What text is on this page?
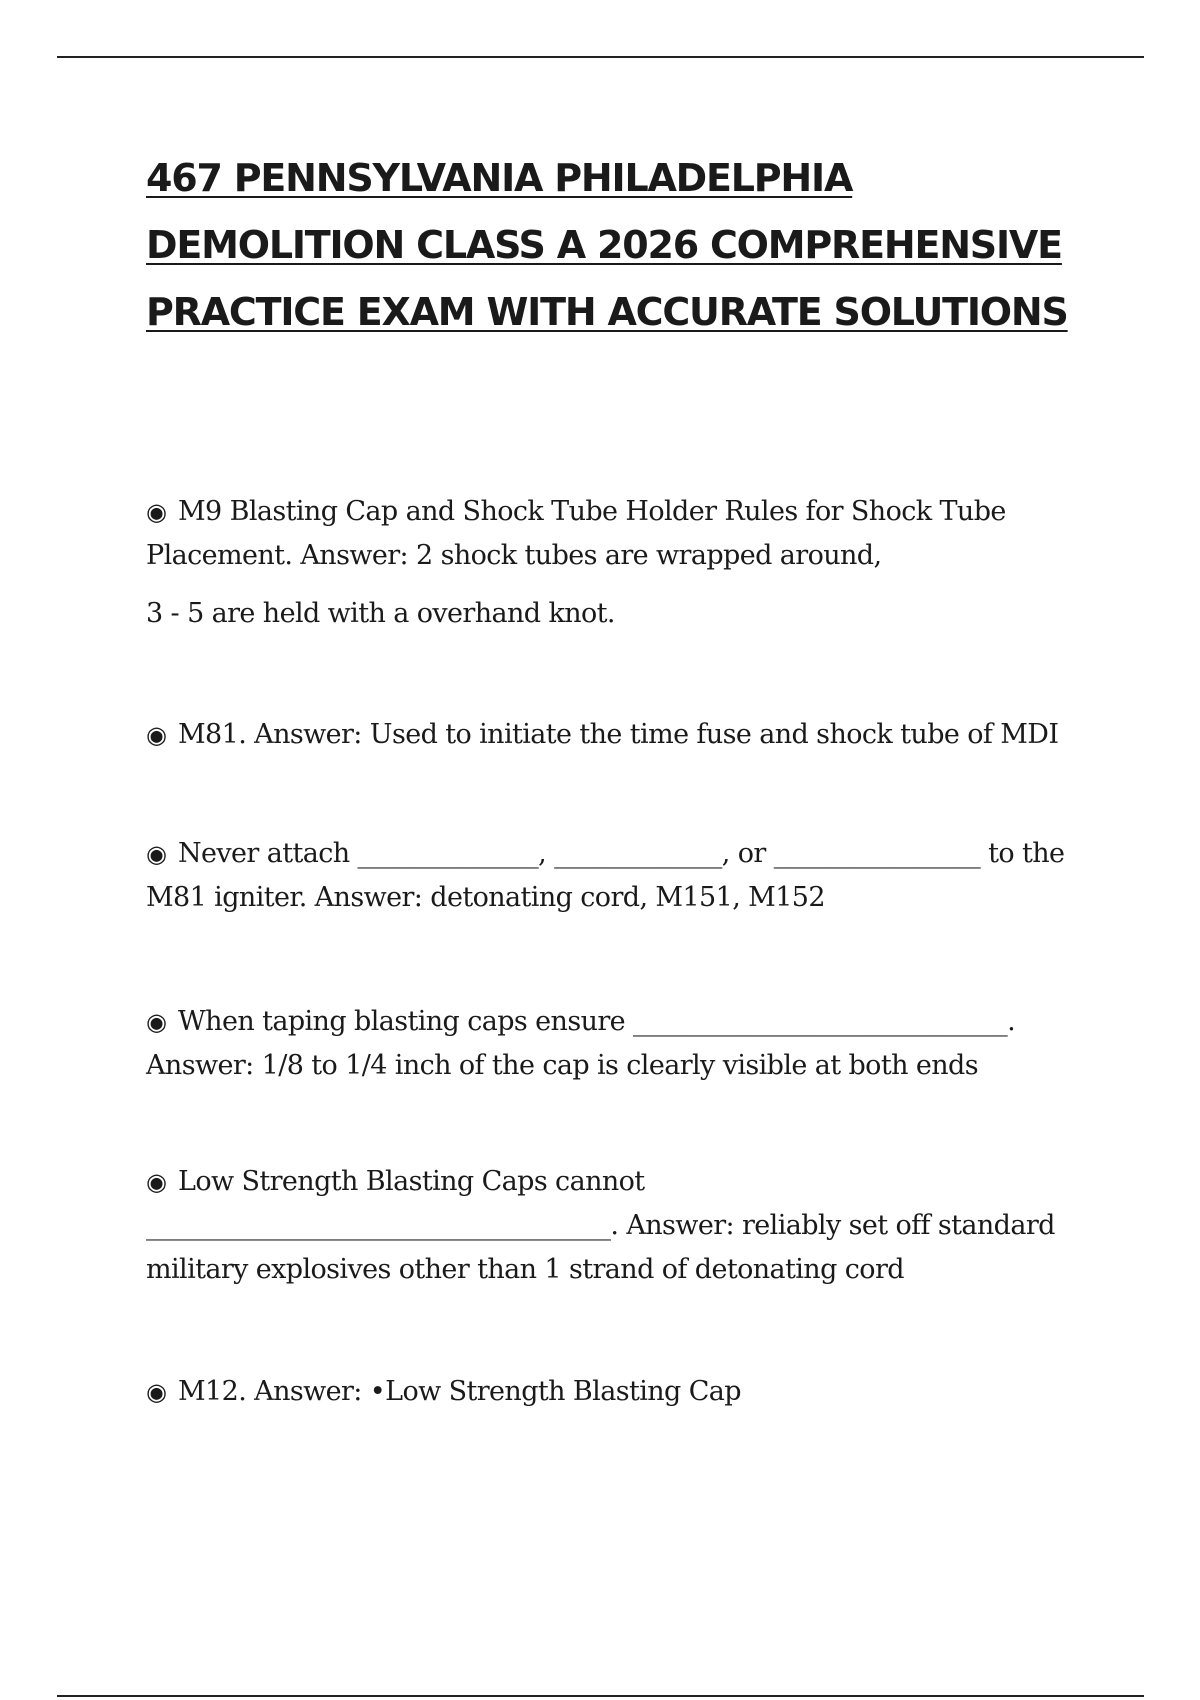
467 PENNSYLVANIA PHILADELPHIA DEMOLITION CLASS A 2026 COMPREHENSIVE PRACTICE EXAM WITH ACCURATE SOLUTIONS

◉ M9 Blasting Cap and Shock Tube Holder Rules for Shock Tube Placement. Answer: 2 shock tubes are wrapped around,
3 - 5 are held with a overhand knot.

◉ M81. Answer: Used to initiate the time fuse and shock tube of MDI

◉ Never attach ______________, _____________, or ________________ to the M81 igniter. Answer: detonating cord, M151, M152

◉ When taping blasting caps ensure _____________________________. Answer: 1/8 to 1/4 inch of the cap is clearly visible at both ends

◉ Low Strength Blasting Caps cannot ____________________________________. Answer: reliably set off standard military explosives other than 1 strand of detonating cord

◉ M12. Answer: •Low Strength Blasting Cap
